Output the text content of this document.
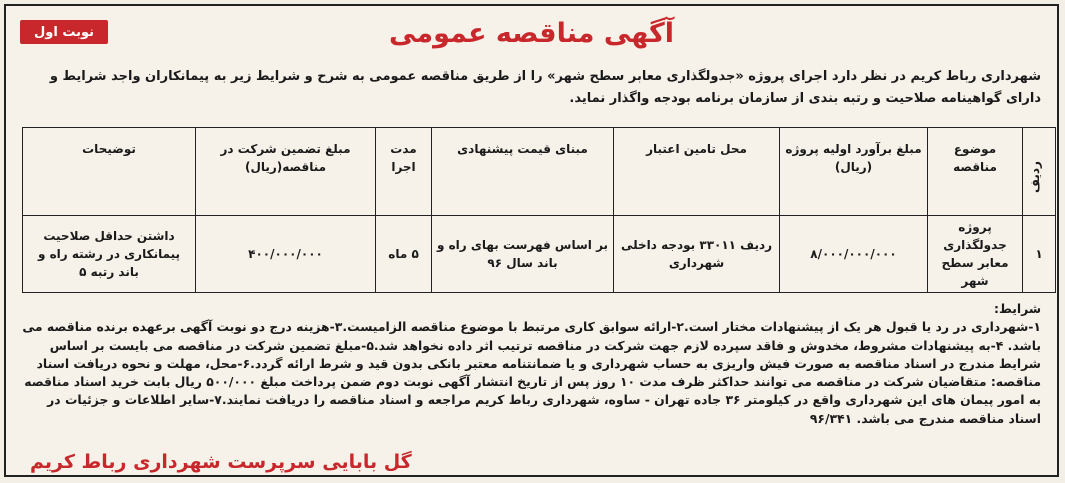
نوبت اول	آگهی مناقصه عمومی
شهرداری رباط کریم در نظر دارد اجرای پروژه «جدولگذاری معابر سطح شهر» را از طریق مناقصه عمومی به شرح و شرایط زیر به پیمانکاران واجد شرایط و دارای گواهینامه صلاحیت و رتبه بندی از سازمان برنامه بودجه واگذار نماید.
ردیف	موضوع مناقصه	مبلغ برآورد اولیه پروژه (ریال)	محل تامین اعتبار	مبنای قیمت پیشنهادی	مدت اجرا	مبلغ تضمین شرکت در مناقصه(ریال)	توضیحات
۱	پروژه جدولگذاری معابر سطح شهر	۸/۰۰۰/۰۰۰/۰۰۰	ردیف ۳۳۰۱۱ بودجه داخلی شهرداری	بر اساس فهرست بهای راه و باند سال ۹۶	۵ ماه	۴۰۰/۰۰۰/۰۰۰	داشتن حداقل صلاحیت پیمانکاری در رشته راه و باند رتبه ۵
شرایط:
۱-شهرداری در رد یا قبول هر یک از پیشنهادات مختار است.۲-ارائه سوابق کاری مرتبط با موضوع مناقصه الزامیست.۳-هزینه درج دو نوبت آگهی برعهده برنده مناقصه می باشد. ۴-به پیشنهادات مشروط، مخدوش و فاقد سپرده لازم جهت شرکت در مناقصه ترتیب اثر داده نخواهد شد.۵-مبلغ تضمین شرکت در مناقصه می بایست بر اساس شرایط مندرج در اسناد مناقصه به صورت فیش واریزی به حساب شهرداری و یا ضمانتنامه معتبر بانکی بدون قید و شرط ارائه گردد.۶-محل، مهلت و نحوه دریافت اسناد مناقصه: متقاضیان شرکت در مناقصه می توانند حداکثر ظرف مدت ۱۰ روز پس از تاریخ انتشار آگهی نوبت دوم ضمن پرداخت مبلغ ۵۰۰/۰۰۰ ریال بابت خرید اسناد مناقصه به امور پیمان های این شهرداری واقع در کیلومتر ۳۶ جاده تهران - ساوه، شهرداری رباط کریم مراجعه و اسناد مناقصه را دریافت نمایند.۷-سایر اطلاعات و جزئیات در اسناد مناقصه مندرج می باشد. ۹۶/۳۴۱
گل بابایی سرپرست شهرداری رباط کریم
